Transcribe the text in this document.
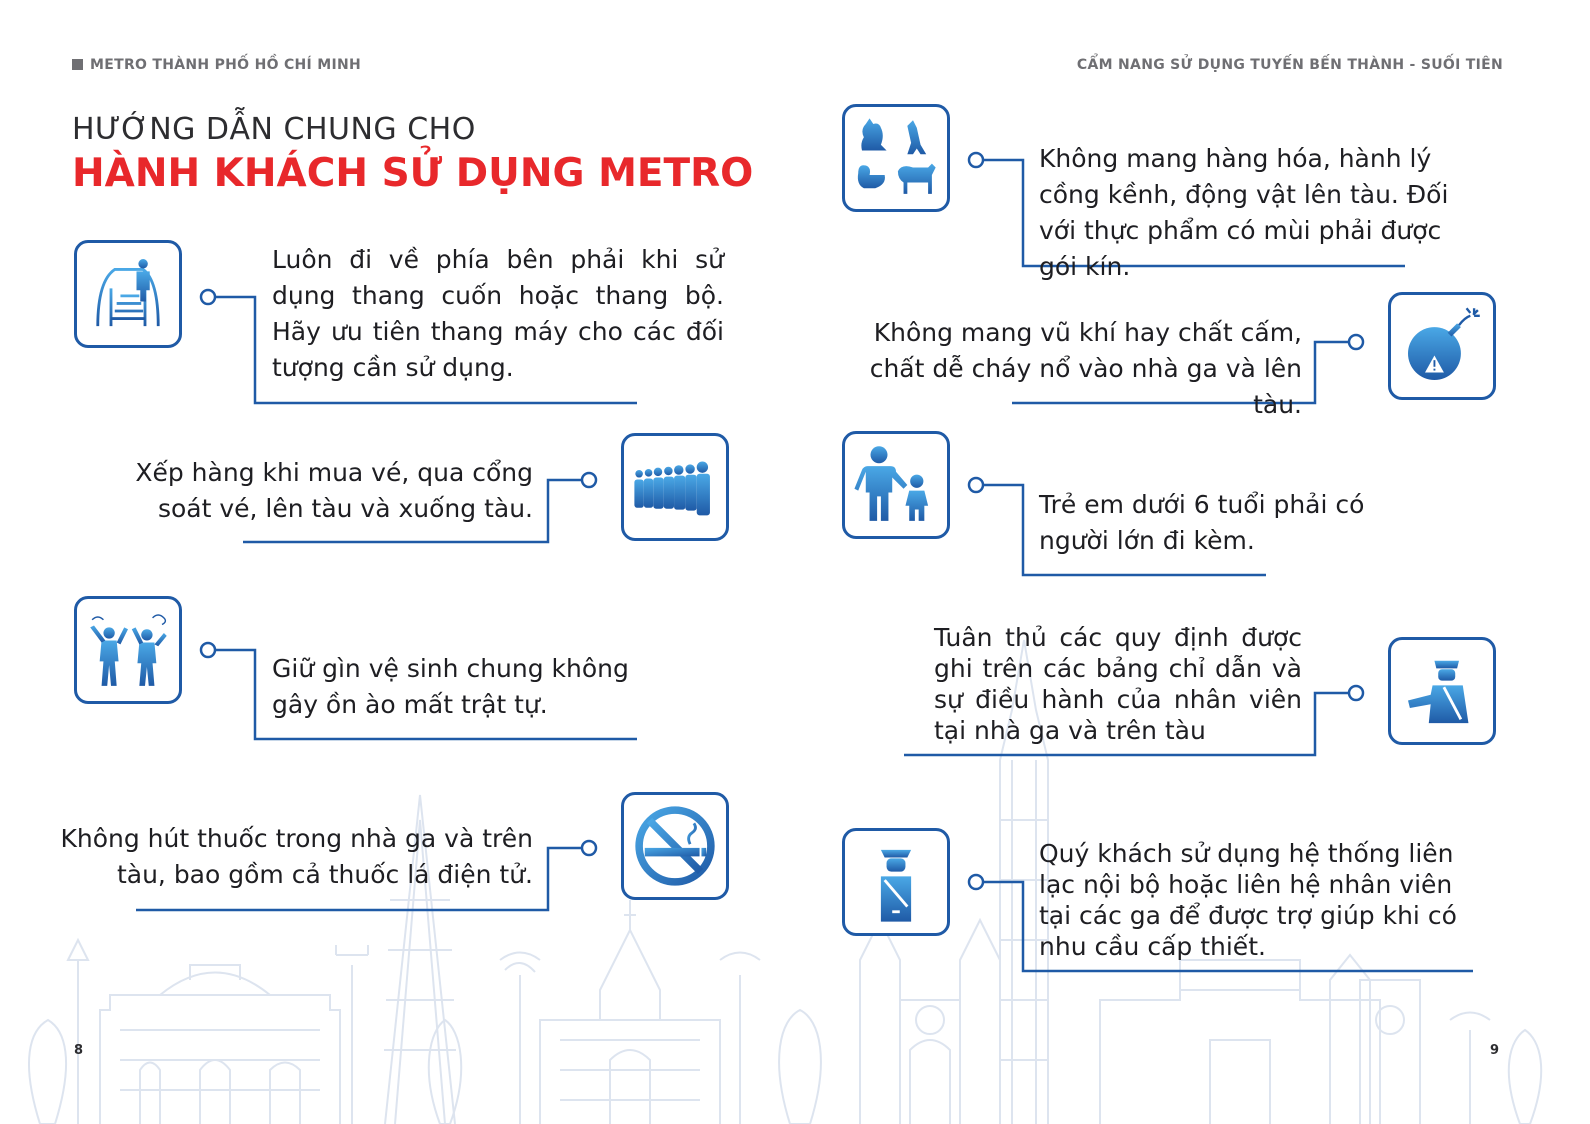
METRO THÀNH PHỐ HỒ CHÍ MINH	CẨM NANG SỬ DỤNG TUYẾN BẾN THÀNH - SUỐI TIÊN
HƯỚNG DẪN CHUNG CHO
HÀNH KHÁCH SỬ DỤNG METRO
Luôn đi về phía bên phải khi sử dụng thang cuốn hoặc thang bộ. Hãy ưu tiên thang máy cho các đối tượng cần sử dụng.
Xếp hàng khi mua vé, qua cổng soát vé, lên tàu và xuống tàu.
Giữ gìn vệ sinh chung không gây ồn ào mất trật tự.
Không hút thuốc trong nhà ga và trên tàu, bao gồm cả thuốc lá điện tử.
Không mang hàng hóa, hành lý cồng kềnh, động vật lên tàu. Đối với thực phẩm có mùi phải được gói kín.
Không mang vũ khí hay chất cấm, chất dễ cháy nổ vào nhà ga và lên tàu.
Trẻ em dưới 6 tuổi phải có người lớn đi kèm.
Tuân thủ các quy định được ghi trên các bảng chỉ dẫn và sự điều hành của nhân viên tại nhà ga và trên tàu
Quý khách sử dụng hệ thống liên lạc nội bộ hoặc liên hệ nhân viên tại các ga để được trợ giúp khi có nhu cầu cấp thiết.
8	9
